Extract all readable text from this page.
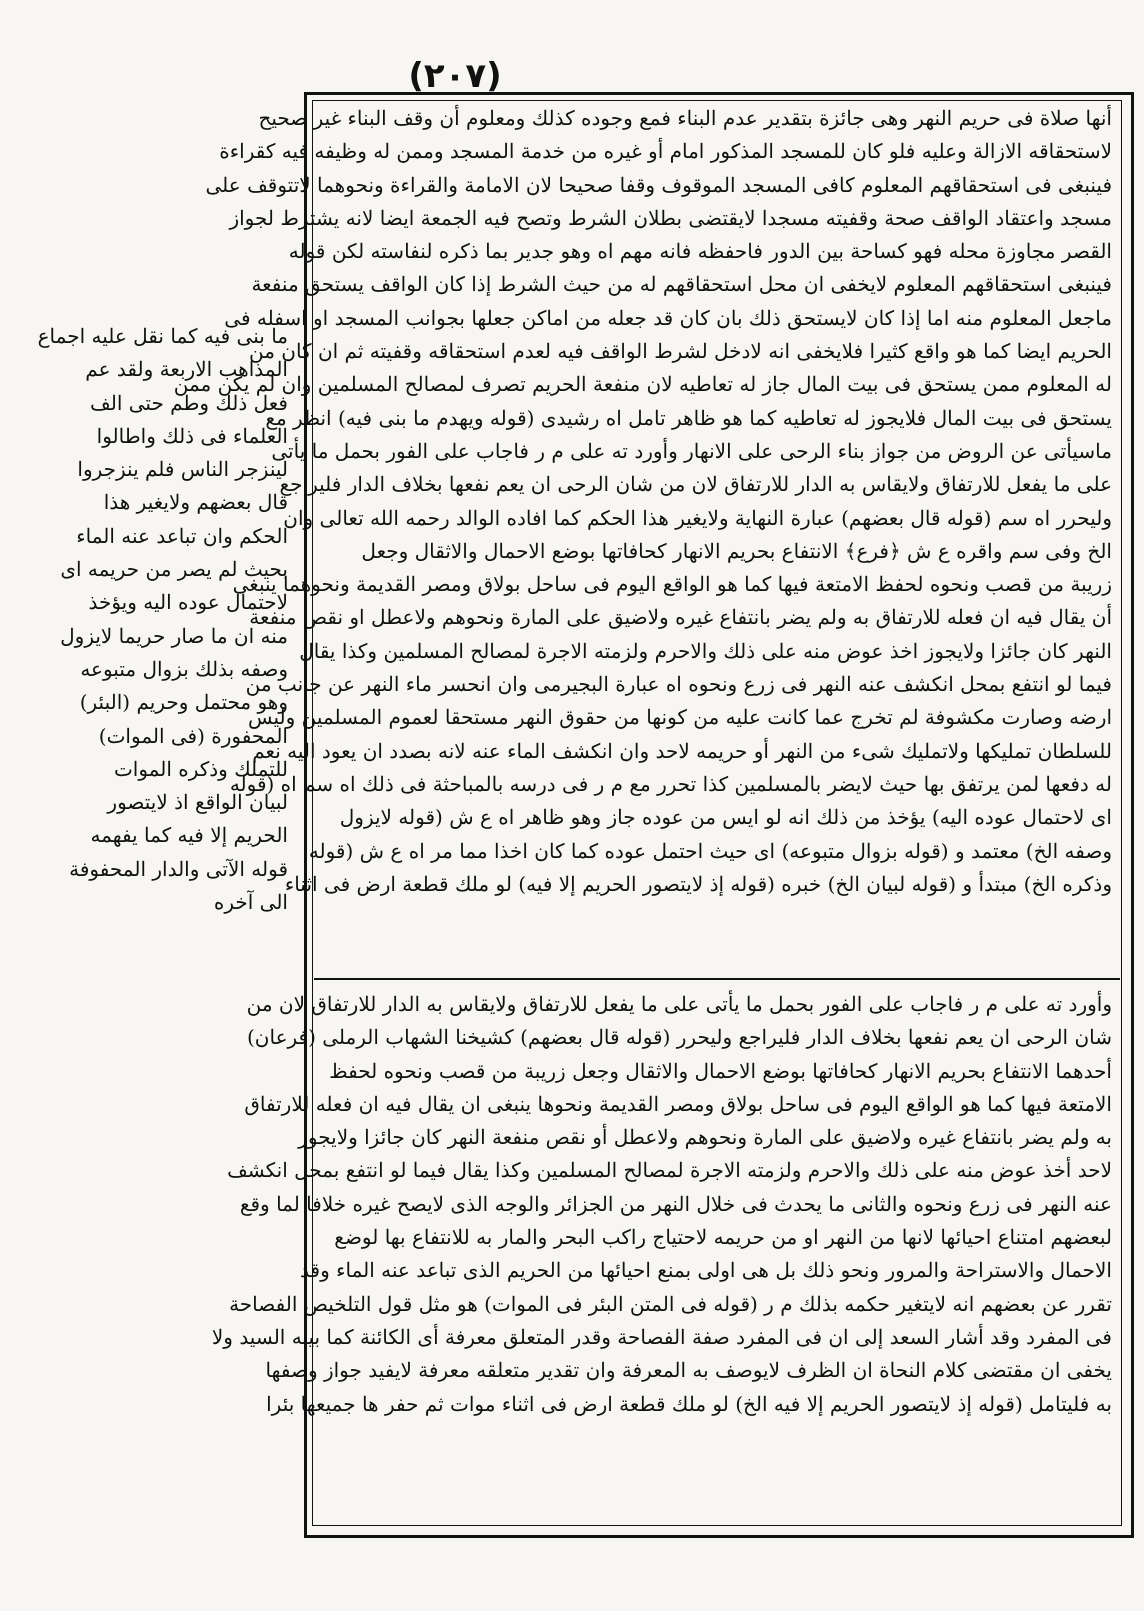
(٢٠٧)
أنها صلاة فى حريم النهر وهى جائزة بتقدير عدم البناء فمع وجوده كذلك ومعلوم أن وقف البناء غير صحيح
لاستحقاقه الازالة وعليه فلو كان للمسجد المذكور امام أو غيره من خدمة المسجد وممن له وظيفه فيه كقراءة
فينبغى فى استحقاقهم المعلوم كافى المسجد الموقوف وقفا صحيحا لان الامامة والقراءة ونحوهما لاتتوقف على
مسجد واعتقاد الواقف صحة وقفيته مسجدا لايقتضى بطلان الشرط وتصح فيه الجمعة ايضا لانه يشترط لجواز
القصر مجاوزة محله فهو كساحة بين الدور فاحفظه فانه مهم اه وهو جدير بما ذكره لنفاسته لكن قوله
فينبغى استحقاقهم المعلوم لايخفى ان محل استحقاقهم له من حيث الشرط إذا كان الواقف يستحق منفعة
ماجعل المعلوم منه اما إذا كان لايستحق ذلك بان كان قد جعله من اماكن جعلها بجوانب المسجد او اسفله فى
الحريم ايضا كما هو واقع كثيرا فلايخفى انه لادخل لشرط الواقف فيه لعدم استحقاقه وقفيته ثم ان كان من
له المعلوم ممن يستحق فى بيت المال جاز له تعاطيه لان منفعة الحريم تصرف لمصالح المسلمين وان لم يكن ممن
يستحق فى بيت المال فلايجوز له تعاطيه كما هو ظاهر تامل اه رشيدى (قوله ويهدم ما بنى فيه) انظر مع
ماسيأتى عن الروض من جواز بناء الرحى على الانهار وأورد ته على م ر فاجاب على الفور بحمل ما يأتى
على ما يفعل للارتفاق ولايقاس به الدار للارتفاق لان من شان الرحى ان يعم نفعها بخلاف الدار فليراجع
وليحرر اه سم (قوله قال بعضهم) عبارة النهاية ولايغير هذا الحكم كما افاده الوالد رحمه الله تعالى وان
الخ وفى سم واقره ع ش ﴿فرع﴾ الانتفاع بحريم الانهار كحافاتها بوضع الاحمال والاثقال وجعل
زريبة من قصب ونحوه لحفظ الامتعة فيها كما هو الواقع اليوم فى ساحل بولاق ومصر القديمة ونحوهما ينبغى
أن يقال فيه ان فعله للارتفاق به ولم يضر بانتفاع غيره ولاضيق على المارة ونحوهم ولاعطل او نقص منفعة
النهر كان جائزا ولايجوز اخذ عوض منه على ذلك والاحرم ولزمته الاجرة لمصالح المسلمين وكذا يقال
فيما لو انتفع بمحل انكشف عنه النهر فى زرع ونحوه اه عبارة البجيرمى وان انحسر ماء النهر عن جانب من
ارضه وصارت مكشوفة لم تخرج عما كانت عليه من كونها من حقوق النهر مستحقا لعموم المسلمين وليس
للسلطان تمليكها ولاتمليك شىء من النهر أو حريمه لاحد وان انكشف الماء عنه لانه بصدد ان يعود اليه نعم
له دفعها لمن يرتفق بها حيث لايضر بالمسلمين كذا تحرر مع م ر فى درسه بالمباحثة فى ذلك اه سم اه (قوله
اى لاحتمال عوده اليه) يؤخذ من ذلك انه لو ايس من عوده جاز وهو ظاهر اه ع ش (قوله لايزول
وصفه الخ) معتمد و (قوله بزوال متبوعه) اى حيث احتمل عوده كما كان اخذا مما مر اه ع ش (قوله
وذكره الخ) مبتدأ و (قوله لبيان الخ) خبره (قوله إذ لايتصور الحريم إلا فيه) لو ملك قطعة ارض فى اثناء
وأورد ته على م ر فاجاب على الفور بحمل ما يأتى على ما يفعل للارتفاق ولايقاس به الدار للارتفاق لان من
شان الرحى ان يعم نفعها بخلاف الدار فليراجع وليحرر (قوله قال بعضهم) كشيخنا الشهاب الرملى (فرعان)
أحدهما الانتفاع بحريم الانهار كحافاتها بوضع الاحمال والاثقال وجعل زريبة من قصب ونحوه لحفظ
الامتعة فيها كما هو الواقع اليوم فى ساحل بولاق ومصر القديمة ونحوها ينبغى ان يقال فيه ان فعله للارتفاق
به ولم يضر بانتفاع غيره ولاضيق على المارة ونحوهم ولاعطل أو نقص منفعة النهر كان جائزا ولايجوز
لاحد أخذ عوض منه على ذلك والاحرم ولزمته الاجرة لمصالح المسلمين وكذا يقال فيما لو انتفع بمحل انكشف
عنه النهر فى زرع ونحوه والثانى ما يحدث فى خلال النهر من الجزائر والوجه الذى لايصح غيره خلافا لما وقع
لبعضهم امتناع احيائها لانها من النهر او من حريمه لاحتياج راكب البحر والمار به للانتفاع بها لوضع
الاحمال والاستراحة والمرور ونحو ذلك بل هى اولى بمنع احيائها من الحريم الذى تباعد عنه الماء وقد
تقرر عن بعضهم انه لايتغير حكمه بذلك م ر (قوله فى المتن البئر فى الموات) هو مثل قول التلخيص الفصاحة
فى المفرد وقد أشار السعد إلى ان فى المفرد صفة الفصاحة وقدر المتعلق معرفة أى الكائنة كما بينه السيد ولا
يخفى ان مقتضى كلام النحاة ان الظرف لايوصف به المعرفة وان تقدير متعلقه معرفة لايفيد جواز وصفها
به فليتامل (قوله إذ لايتصور الحريم إلا فيه الخ) لو ملك قطعة ارض فى اثناء موات ثم حفر ها جميعها بئرا
ما بنى فيه كما نقل عليه اجماع
المذاهب الاربعة ولقد عم
فعل ذلك وطم حتى الف
العلماء فى ذلك واطالوا
لينزجر الناس فلم ينزجروا
قال بعضهم ولايغير هذا
الحكم وان تباعد عنه الماء
بحيث لم يصر من حريمه اى
لاحتمال عوده اليه ويؤخذ
منه ان ما صار حريما لايزول
وصفه بذلك بزوال متبوعه
وهو محتمل وحريم (البئر)
المحفورة (فى الموات)
للتملك وذكره الموات
لبيان الواقع اذ لايتصور
الحريم إلا فيه كما يفهمه
قوله الآتى والدار المحفوفة
الى آخره
